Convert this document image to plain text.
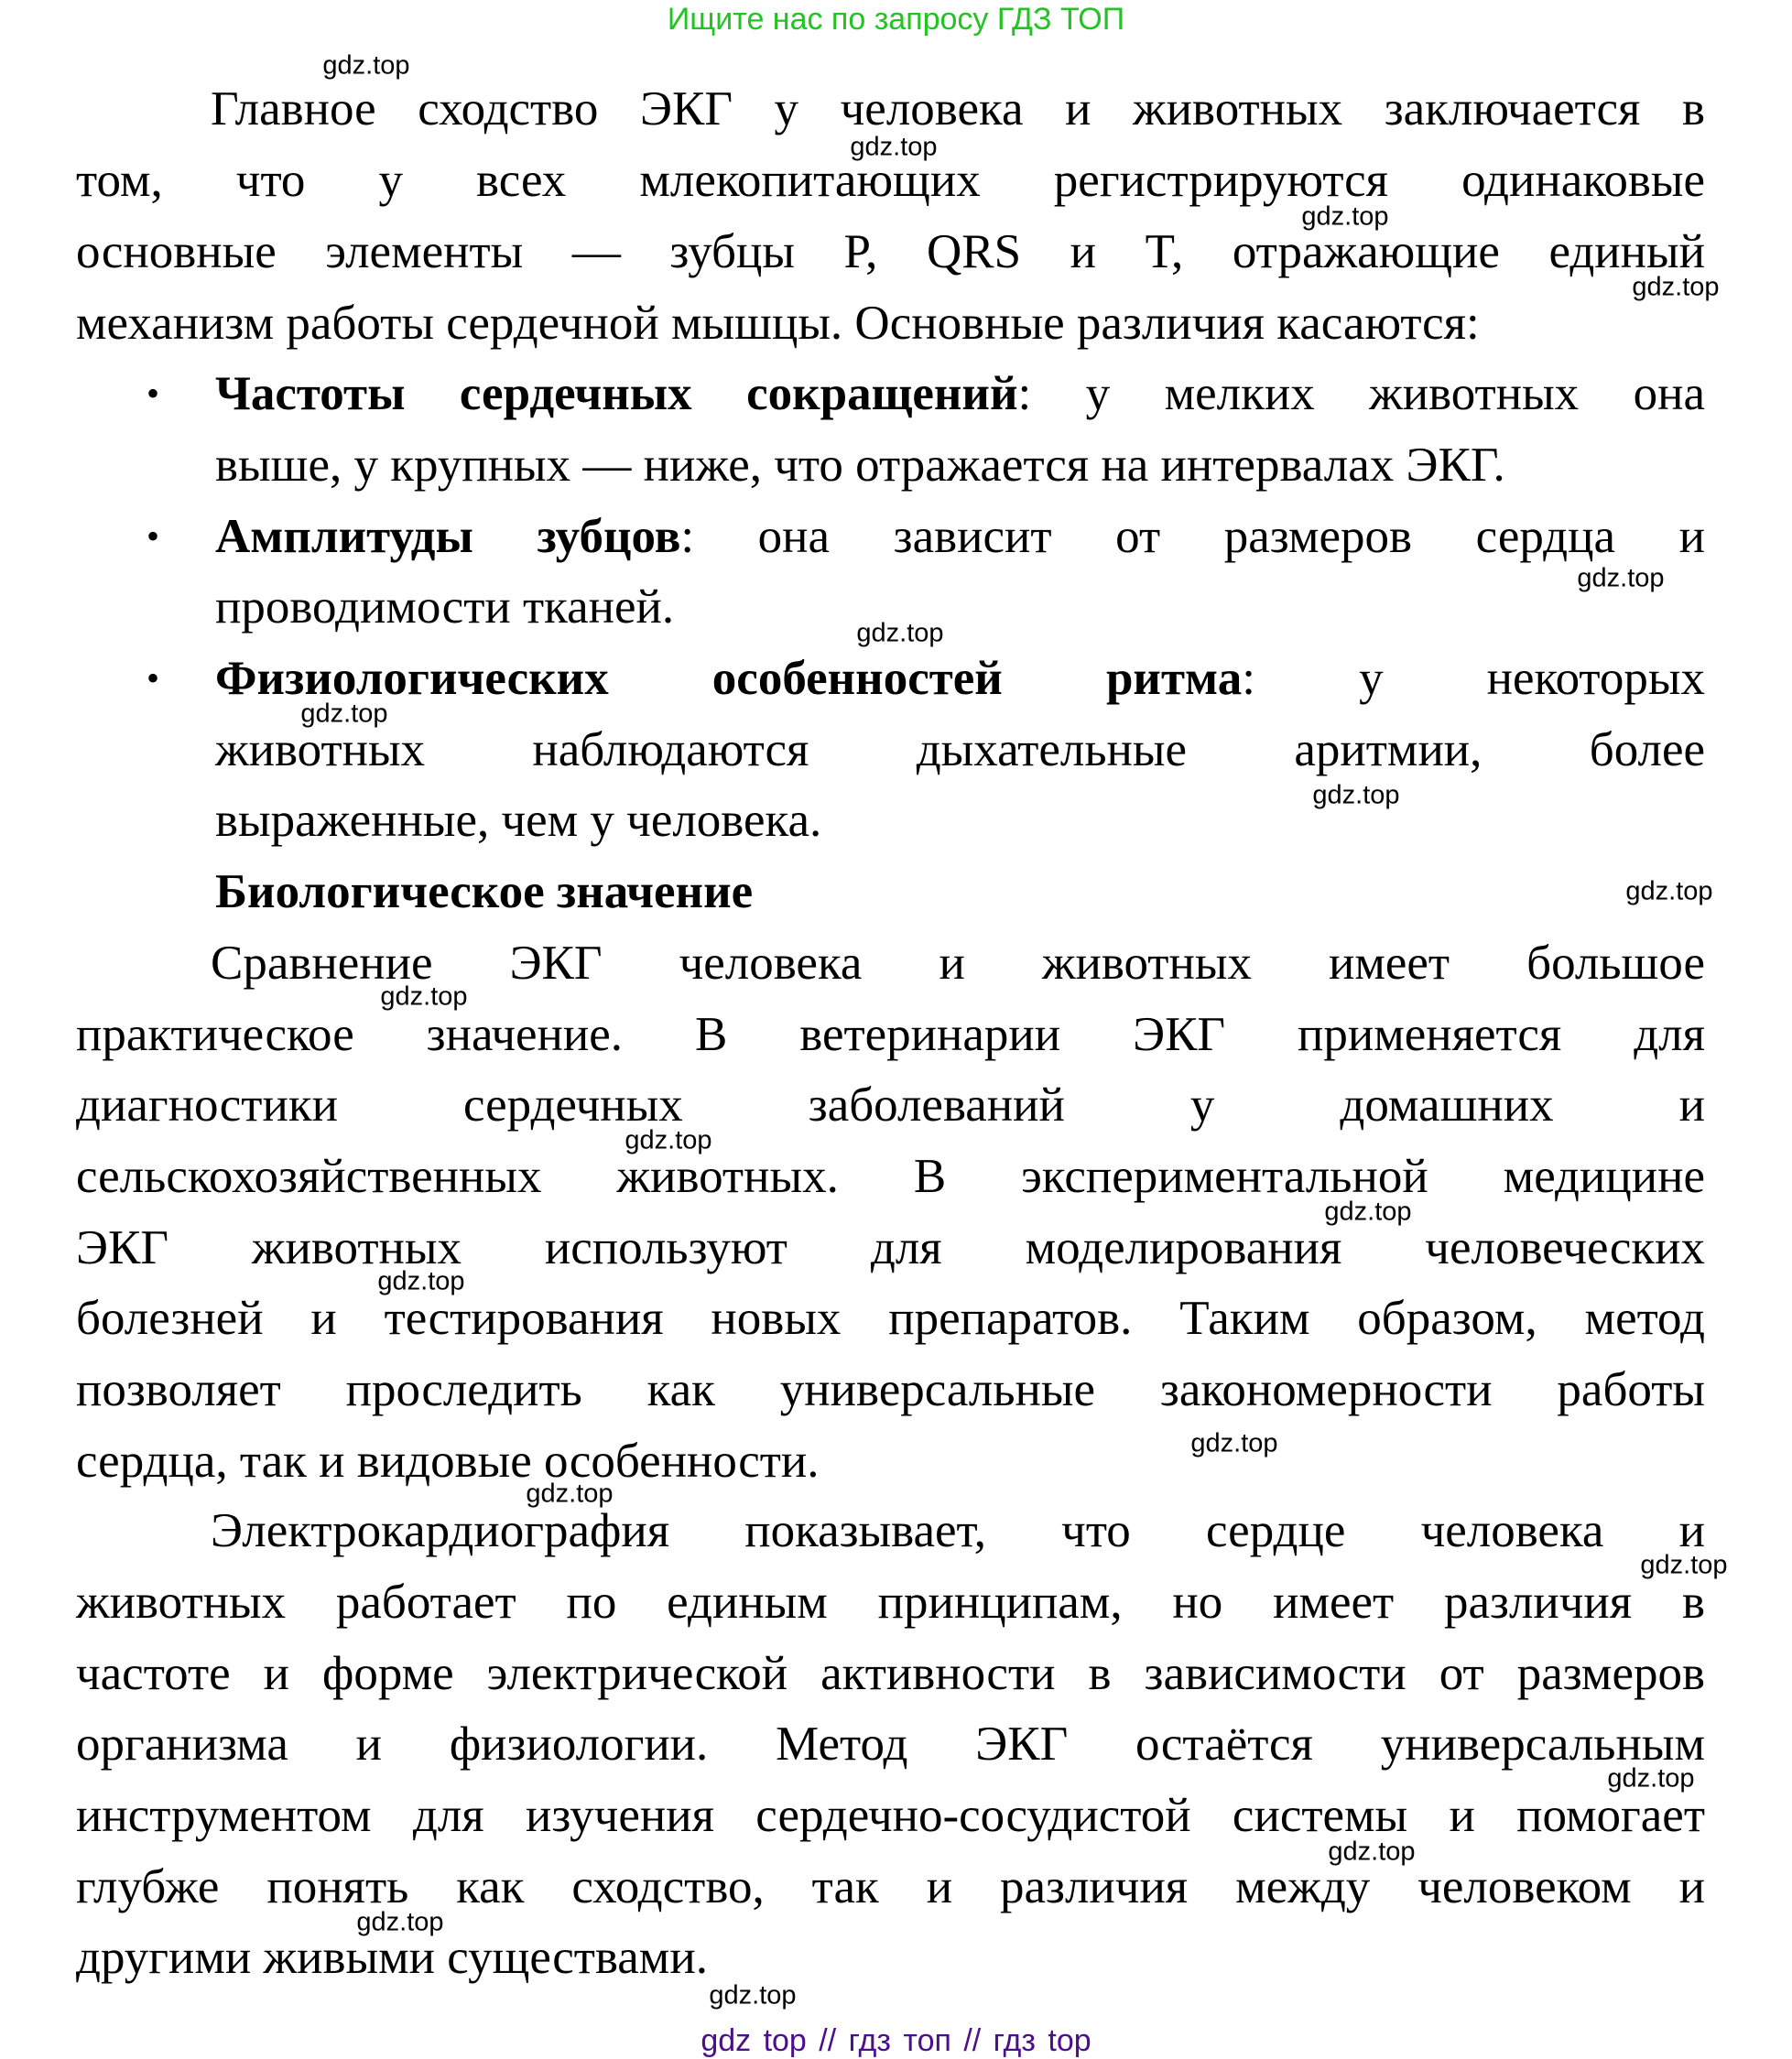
Ищите нас по запросу ГДЗ ТОП
Главное сходство ЭКГ у человека и животных заключается в
том, что у всех млекопитающих регистрируются одинаковые
основные элементы — зубцы P, QRS и T, отражающие единый
механизм работы сердечной мышцы. Основные различия касаются:
Частоты сердечных сокращений: у мелких животных она
•
выше, у крупных — ниже, что отражается на интервалах ЭКГ.
Амплитуды зубцов: она зависит от размеров сердца и
•
проводимости тканей.
Физиологических особенностей ритма: у некоторых
•
животных наблюдаются дыхательные аритмии, более
выраженные, чем у человека.
Биологическое значение
Сравнение ЭКГ человека и животных имеет большое
практическое значение. В ветеринарии ЭКГ применяется для
диагностики сердечных заболеваний у домашних и
сельскохозяйственных животных. В экспериментальной медицине
ЭКГ животных используют для моделирования человеческих
болезней и тестирования новых препаратов. Таким образом, метод
позволяет проследить как универсальные закономерности работы
сердца, так и видовые особенности.
Электрокардиография показывает, что сердце человека и
животных работает по единым принципам, но имеет различия в
частоте и форме электрической активности в зависимости от размеров
организма и физиологии. Метод ЭКГ остаётся универсальным
инструментом для изучения сердечно-сосудистой системы и помогает
глубже понять как сходство, так и различия между человеком и
другими живыми существами.
gdz.top
gdz.top
gdz.top
gdz.top
gdz.top
gdz.top
gdz.top
gdz.top
gdz.top
gdz.top
gdz.top
gdz.top
gdz.top
gdz.top
gdz.top
gdz.top
gdz.top
gdz.top
gdz.top
gdz.top
gdz top // гдз топ // гдз top
